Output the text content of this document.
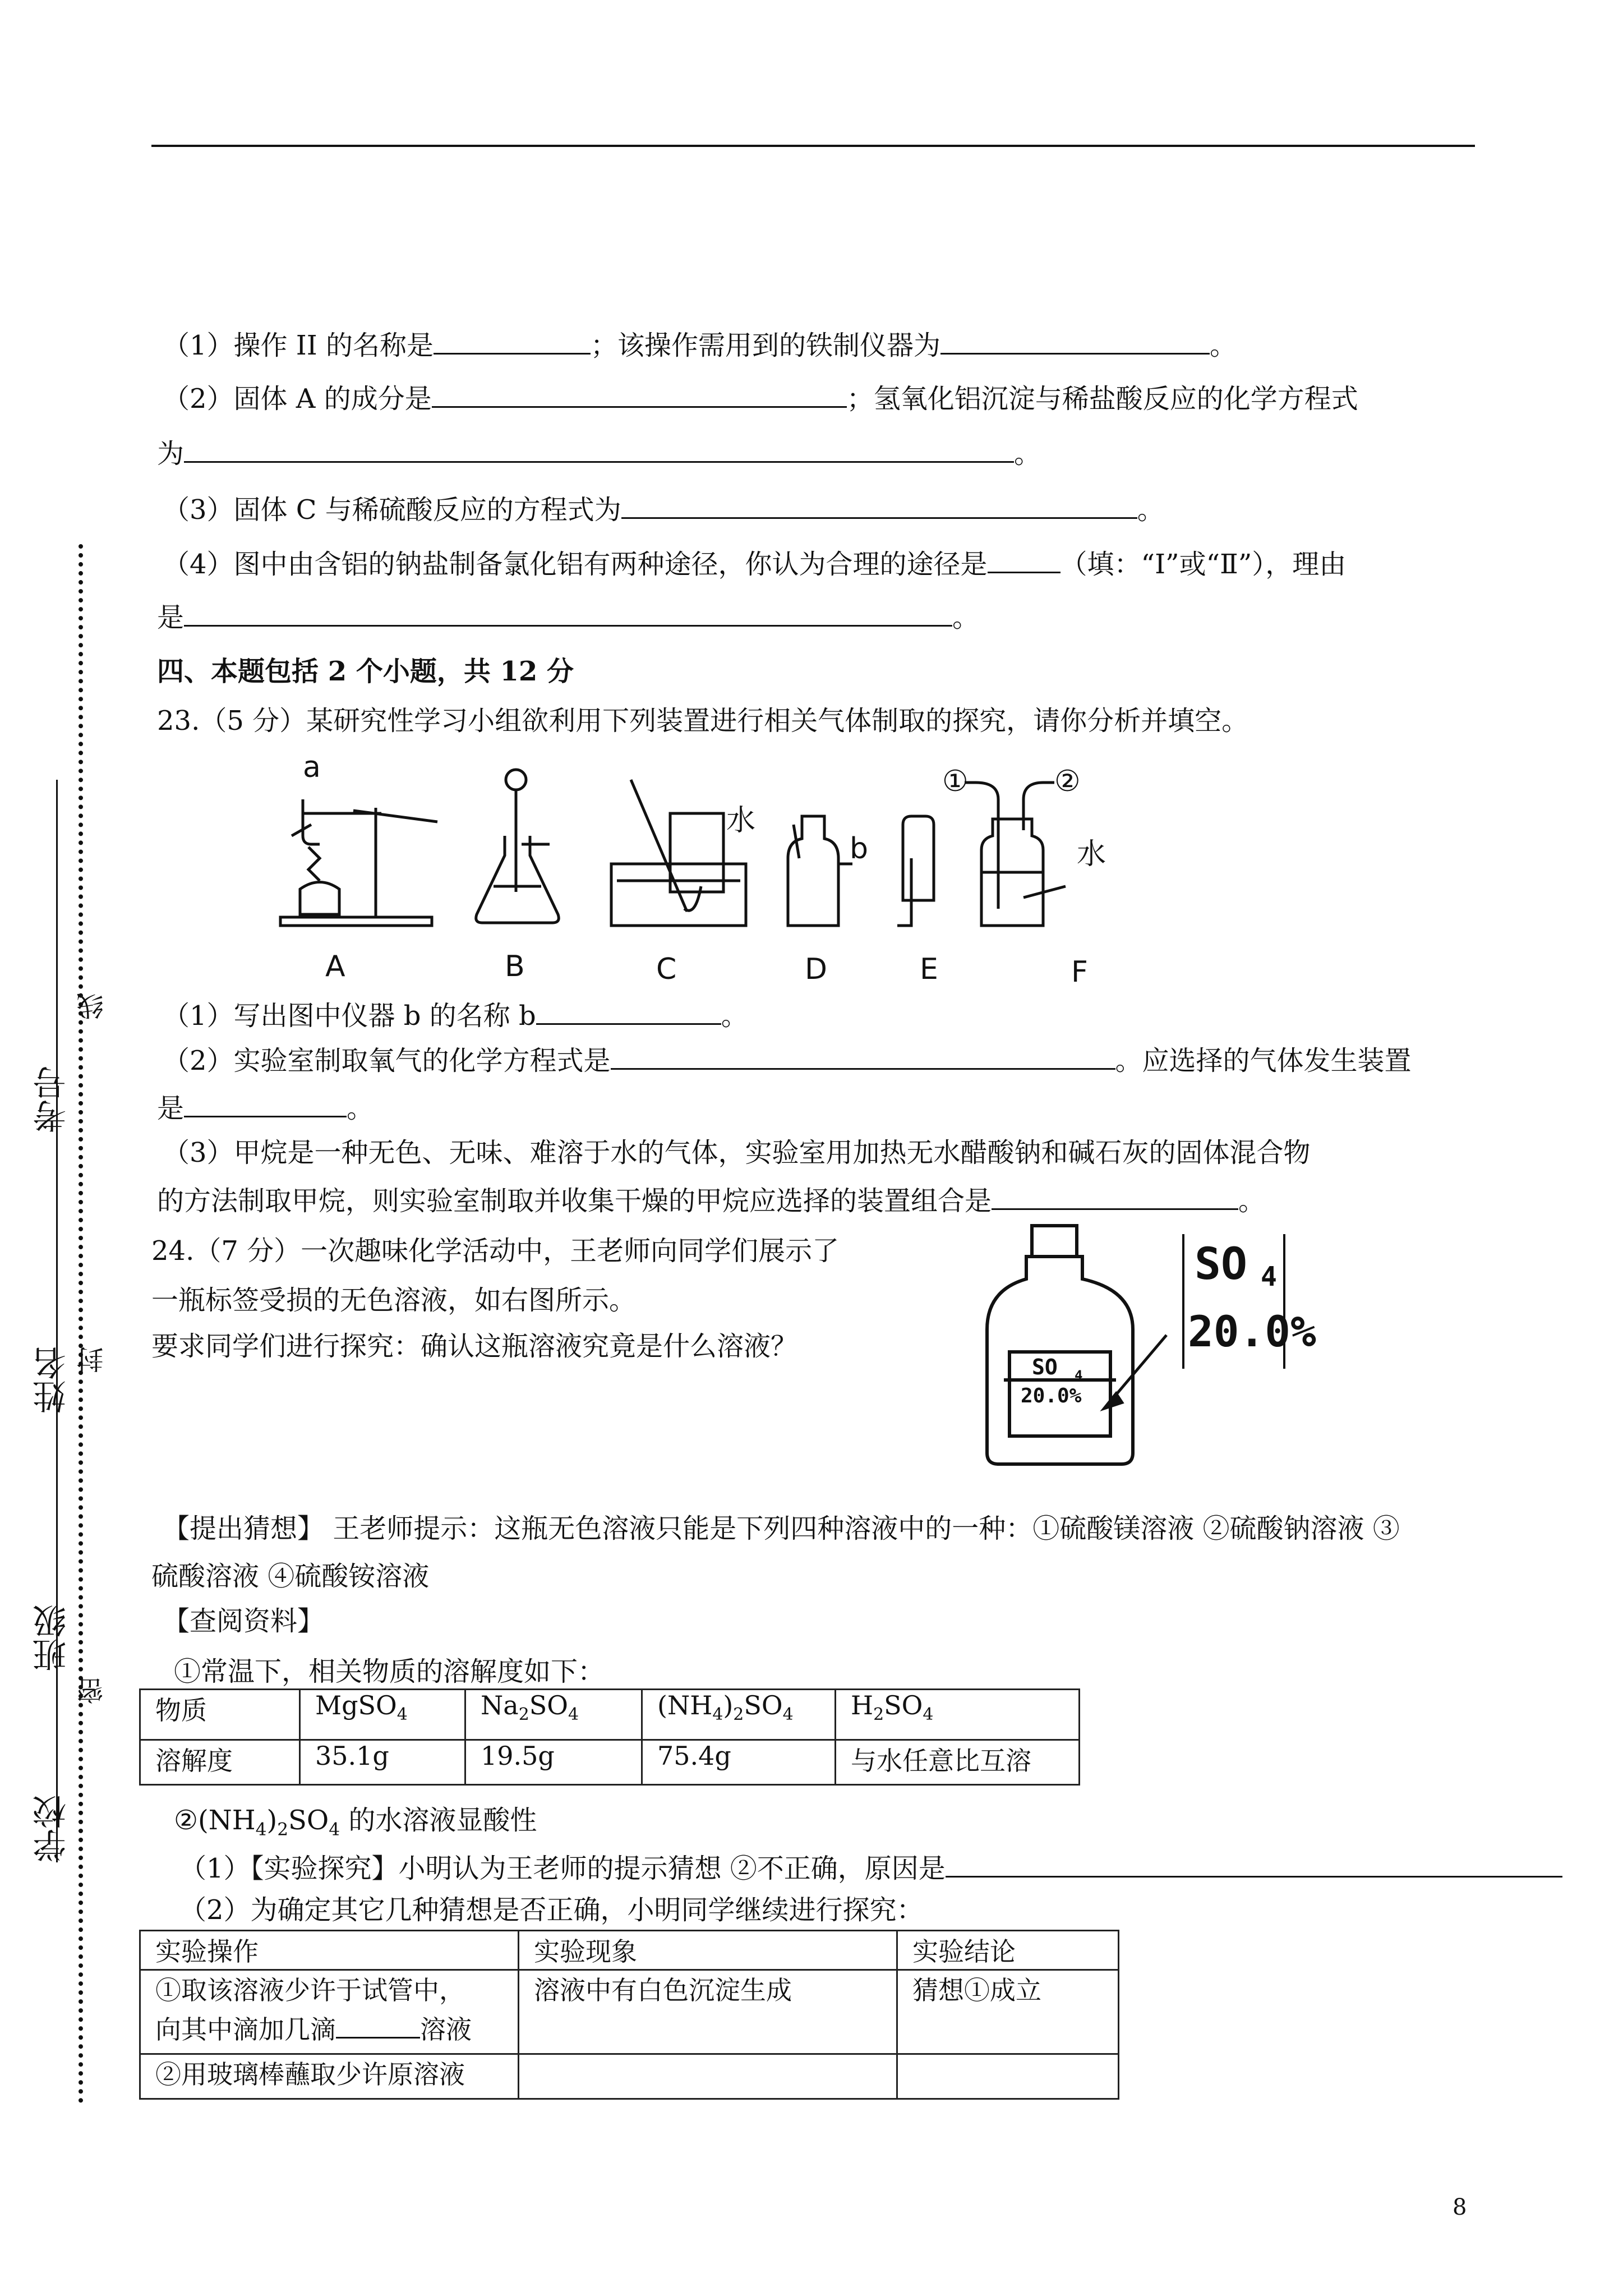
考号
姓名
班级
学校
线
封
密
（1）操作 II 的名称是	；该操作需用到的铁制仪器为	。
（2）固体 A 的成分是	；氢氧化铝沉淀与稀盐酸反应的化学方程式
为	。
（3）固体 C 与稀硫酸反应的方程式为	。
（4）图中由含铝的钠盐制备氯化铝有两种途径，你认为合理的途径是	（填：“Ⅰ”或“Ⅱ”），理由
是	。
四、本题包括 2 个小题，共 12 分
23.（5 分）某研究性学习小组欲利用下列装置进行相关气体制取的探究，请你分析并填空。
a
水
b
①	②
水
A	B	C	D	E	F
（1）写出图中仪器 b 的名称 b	。
（2）实验室制取氧气的化学方程式是	。应选择的气体发生装置
是	。
（3）甲烷是一种无色、无味、难溶于水的气体，实验室用加热无水醋酸钠和碱石灰的固体混合物
的方法制取甲烷，则实验室制取并收集干燥的甲烷应选择的装置组合是	。
24.（7 分）一次趣味化学活动中，王老师向同学们展示了
一瓶标签受损的无色溶液，如右图所示。
要求同学们进行探究：确认这瓶溶液究竟是什么溶液？
SO 4
20.0%
SO 4
20.0%
【提出猜想】 王老师提示：这瓶无色溶液只能是下列四种溶液中的一种：①硫酸镁溶液 ②硫酸钠溶液 ③
硫酸溶液 ④硫酸铵溶液
【查阅资料】
①常温下，相关物质的溶解度如下：
物质	MgSO$_4$	$Na_2SO_4$	$(NH_4)_2SO_4$	$H_2SO_4$
溶解度	35.1g	19.5g	75.4g	与水任意比互溶
$②(NH_4)_2SO_4$ 的水溶液显酸性
（1）【实验探究】小明认为王老师的提示猜想 ②不正确，原因是
（2）为确定其它几种猜想是否正确，小明同学继续进行探究：
实验操作	实验现象	实验结论

①取该溶液少许于试管中，
向其中滴加几滴 溶液	溶液中有白色沉淀生成	猜想①成立
②用玻璃棒蘸取少许原溶液		
8
